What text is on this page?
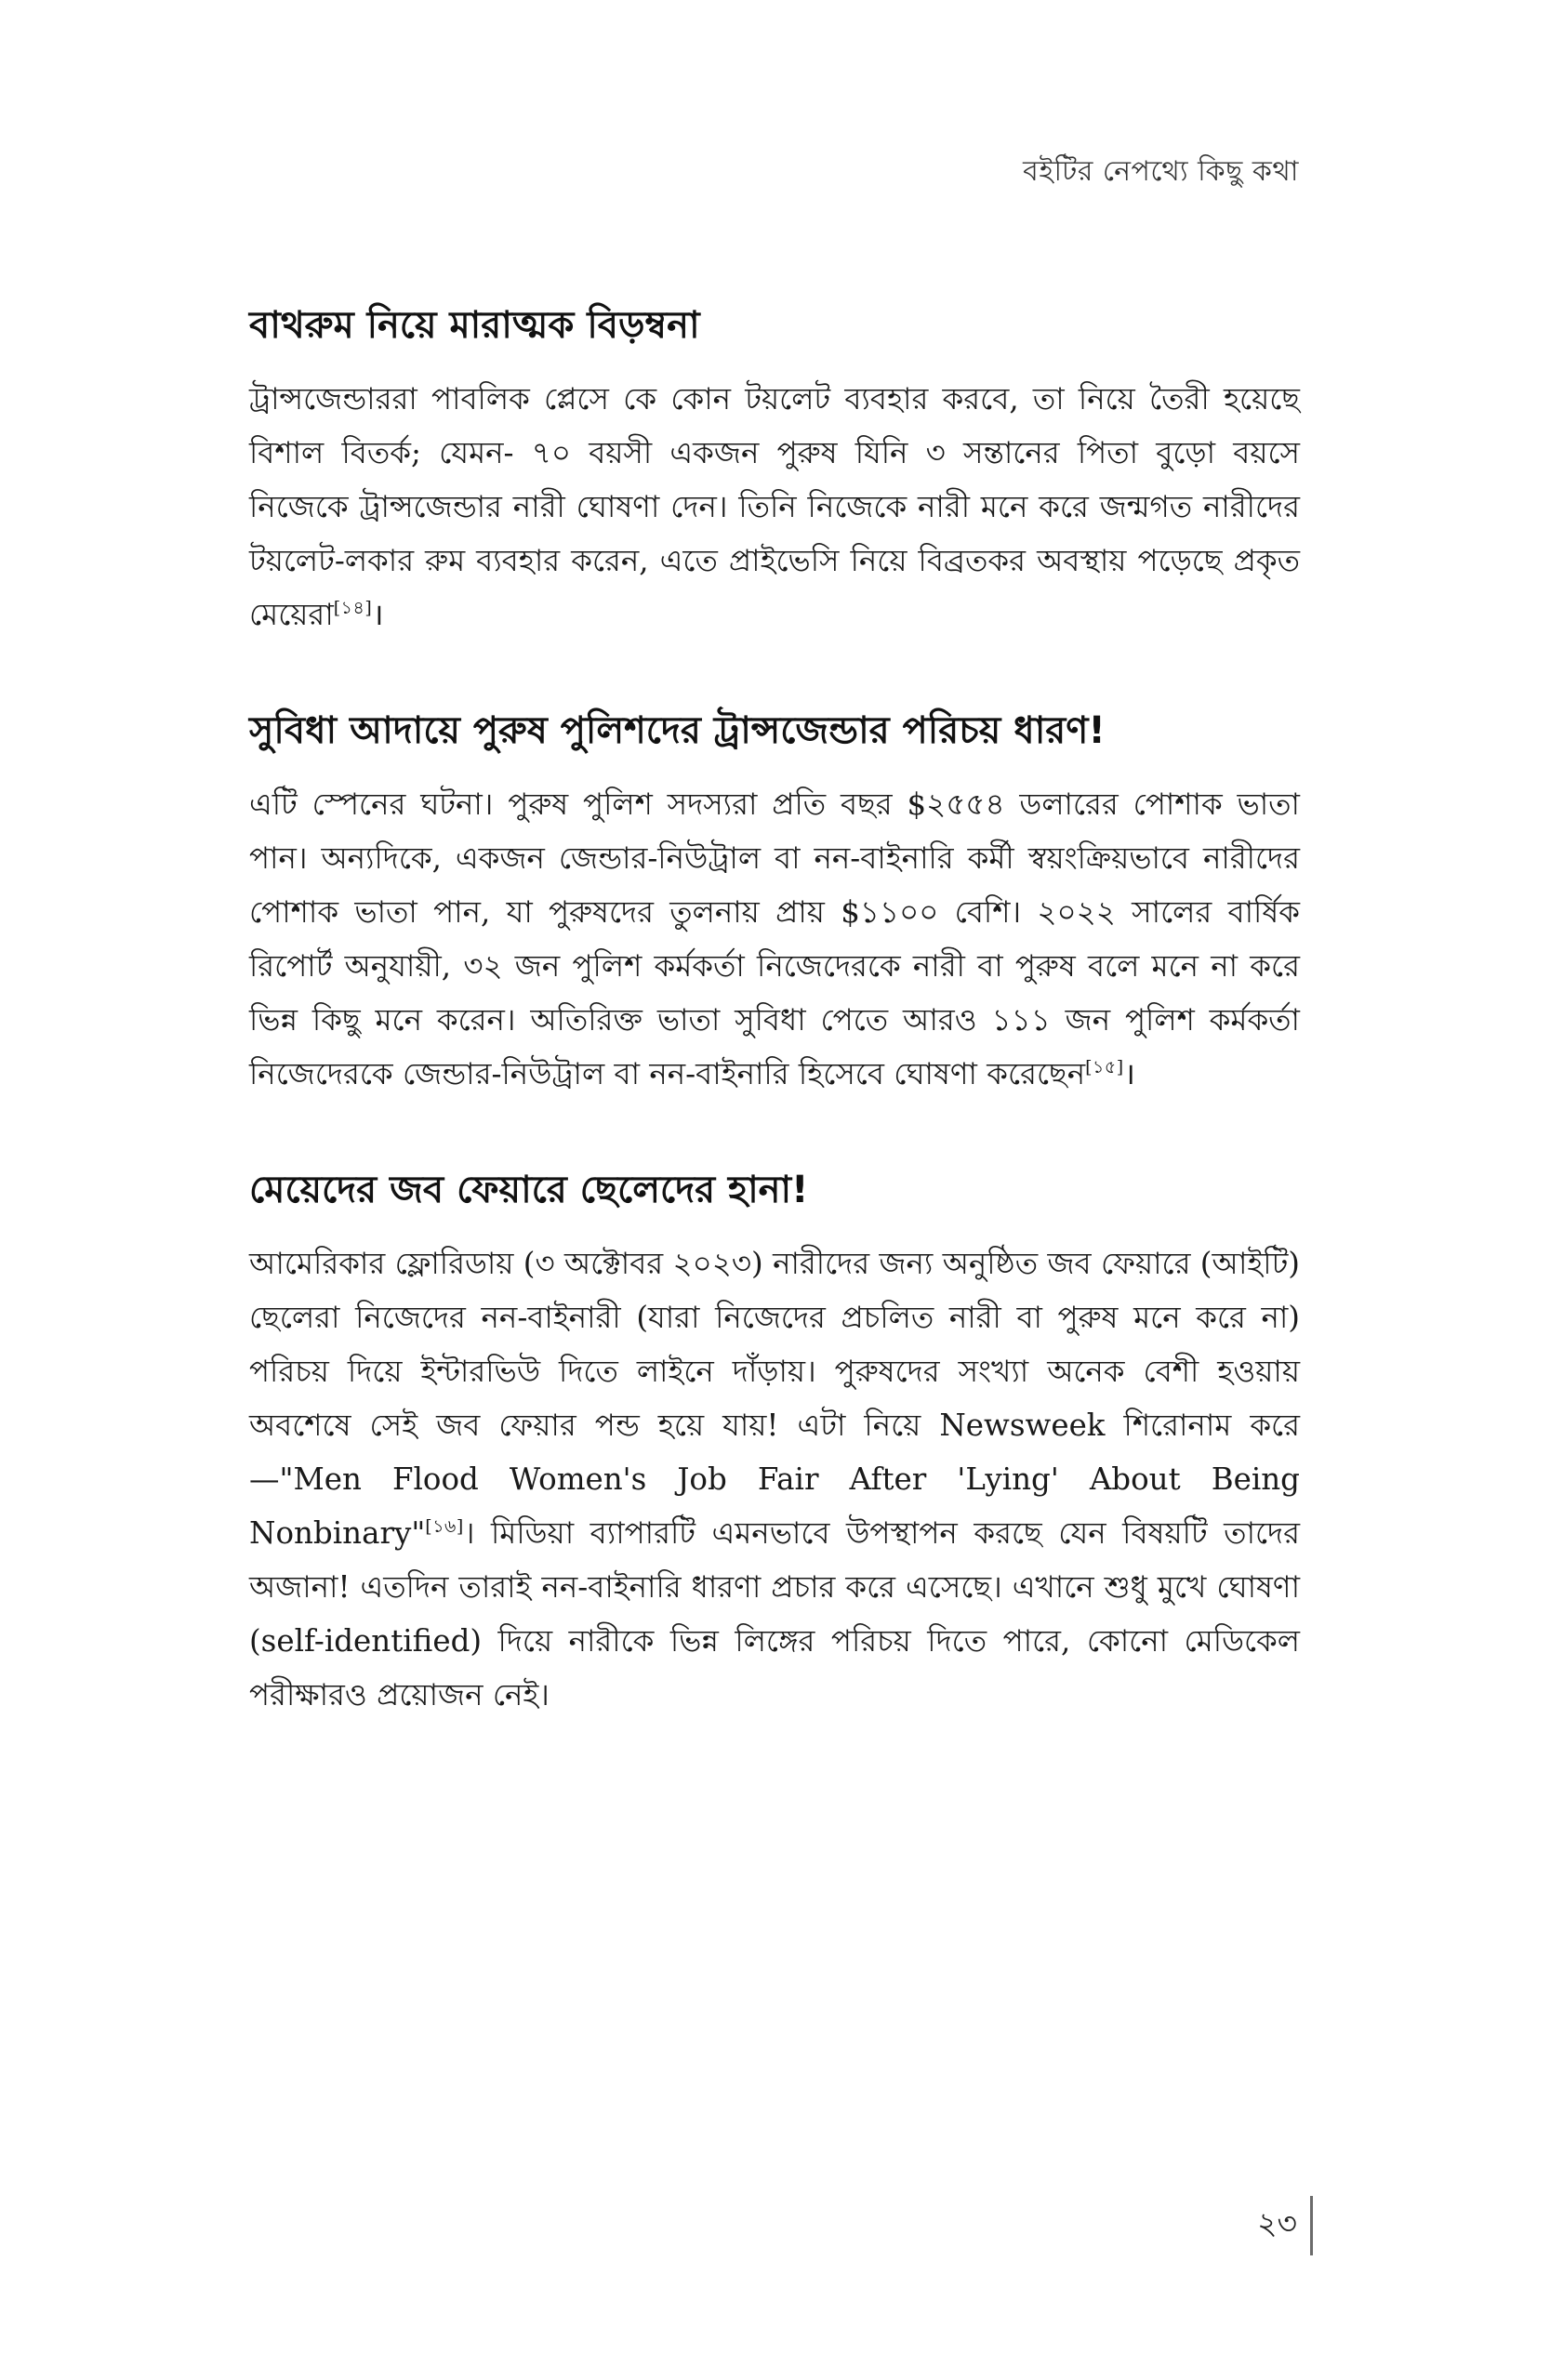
বইটির নেপথ্যে কিছু কথা
বাথরুম নিয়ে মারাত্মক বিড়ম্বনা

ট্রান্সজেন্ডাররা পাবলিক প্লেসে কে কোন টয়লেট ব্যবহার করবে, তা নিয়ে তৈরী হয়েছে বিশাল বিতর্ক; যেমন- ৭০ বয়সী একজন পুরুষ যিনি ৩ সন্তানের পিতা বুড়ো বয়সে নিজেকে ট্রান্সজেন্ডার নারী ঘোষণা দেন। তিনি নিজেকে নারী মনে করে জন্মগত নারীদের টয়লেট-লকার রুম ব্যবহার করেন, এতে প্রাইভেসি নিয়ে বিব্রতকর অবস্থায় পড়েছে প্রকৃত মেয়েরা[১৪]।

সুবিধা আদায়ে পুরুষ পুলিশদের ট্রান্সজেন্ডার পরিচয় ধারণ!

এটি স্পেনের ঘটনা। পুরুষ পুলিশ সদস্যরা প্রতি বছর $২৫৫৪ ডলারের পোশাক ভাতা পান। অন্যদিকে, একজন জেন্ডার-নিউট্রাল বা নন-বাইনারি কর্মী স্বয়ংক্রিয়ভাবে নারীদের পোশাক ভাতা পান, যা পুরুষদের তুলনায় প্রায় $১১০০ বেশি। ২০২২ সালের বার্ষিক রিপোর্ট অনুযায়ী, ৩২ জন পুলিশ কর্মকর্তা নিজেদেরকে নারী বা পুরুষ বলে মনে না করে ভিন্ন কিছু মনে করেন। অতিরিক্ত ভাতা সুবিধা পেতে আরও ১১১ জন পুলিশ কর্মকর্তা নিজেদেরকে জেন্ডার-নিউট্রাল বা নন-বাইনারি হিসেবে ঘোষণা করেছেন[১৫]।

মেয়েদের জব ফেয়ারে ছেলেদের হানা!

আমেরিকার ফ্লোরিডায় (৩ অক্টোবর ২০২৩) নারীদের জন্য অনুষ্ঠিত জব ফেয়ারে (আইটি) ছেলেরা নিজেদের নন-বাইনারী (যারা নিজেদের প্রচলিত নারী বা পুরুষ মনে করে না) পরিচয় দিয়ে ইন্টারভিউ দিতে লাইনে দাঁড়ায়। পুরুষদের সংখ্যা অনেক বেশী হওয়ায় অবশেষে সেই জব ফেয়ার পন্ড হয়ে যায়! এটা নিয়ে Newsweek শিরোনাম করে—"Men Flood Women's Job Fair After 'Lying' About Being Nonbinary"[১৬]। মিডিয়া ব্যাপারটি এমনভাবে উপস্থাপন করছে যেন বিষয়টি তাদের অজানা! এতদিন তারাই নন-বাইনারি ধারণা প্রচার করে এসেছে। এখানে শুধু মুখে ঘোষণা (self-identified) দিয়ে নারীকে ভিন্ন লিঙ্গের পরিচয় দিতে পারে, কোনো মেডিকেল পরীক্ষারও প্রয়োজন নেই।

২৩
